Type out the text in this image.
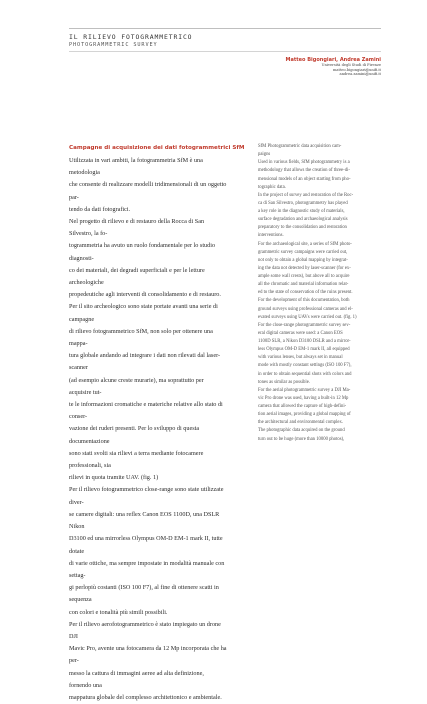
IL RILIEVO FOTOGRAMMETRICO
PHOTOGRAMMETRIC SURVEY
Matteo Bigongiari, Andrea Zamini
Università degli Studi di Firenze
matteo.bigongiari@unifi.it
andrea.zamini@unifi.it
Campagne di acquisizione dei dati fotogrammetrici SfM

Utilizzata in vari ambiti, la fotogrammetria SfM è una metodologia

che consente di realizzare modelli tridimensionali di un oggetto par-

tendo da dati fotografici.

Nel progetto di rilievo e di restauro della Rocca di San Silvestro, la fo-

togrammetria ha avuto un ruolo fondamentale per lo studio diagnosti-

co dei materiali, dei degradi superficiali e per le letture archeologiche

propedeutiche agli interventi di consolidamento e di restauro.

Per il sito archeologico sono state portate avanti una serie di campagne

di rilievo fotogrammetrico SfM, non solo per ottenere una mappa-

tura globale andando ad integrare i dati non rilevati dal laser-scanner

(ad esempio alcune creste murarie), ma soprattutto per acquisire tut-

te le informazioni cromatiche e materiche relative allo stato di conser-

vazione dei ruderi presenti. Per lo sviluppo di questa documentazione

sono stati svolti sia rilievi a terra mediante fotocamere professionali, sia

rilievi in quota tramite UAV. (fig. 1)

Per il rilievo fotogrammetrico close-range sono state utilizzate diver-

se camere digitali: una reflex Canon EOS 1100D, una DSLR Nikon

D3100 ed una mirrorless Olympus OM-D EM-1 mark II, tutte dotate

di varie ottiche, ma sempre impostate in modalità manuale con settag-

gi perlopiù costanti (ISO 100 F7), al fine di ottenere scatti in sequenza

con colori e tonalità più simili possibili.

Per il rilievo aerofotogrammetrico è stato impiegato un drone DJI

Mavic Pro, avente una fotocamera da 12 Mp incorporata che ha per-

messo la cattura di immagini aeree ad alta definizione, fornendo una

mappatura globale del complesso architettonico e ambientale.

SfM Photogrammetric data acquisition cam-

paigns

Used in various fields, SfM photogrammetry is a

methodology that allows the creation of three-di-

mensional models of an object starting from pho-

tographic data.

In the project of survey and restoration of the Roc-

ca di San Silvestro, photogrammetry has played

a key role in the diagnostic study of materials,

surface degradation and archaeological analysis

preparatory to the consolidation and restoration

interventions.

For the archaeological site, a series of SfM photo-

grammetric survey campaigns were carried out,

not only to obtain a global mapping by integrat-

ing the data not detected by laser-scanner (for ex-

ample some wall crests), but above all to acquire

all the chromatic and material information relat-

ed to the state of conservation of the ruins present.

For the development of this documentation, both

ground surveys using professional cameras and el-

evated surveys using UAVs were carried out. (fig. 1)

For the close-range photogrammetric survey sev-

eral digital cameras were used: a Canon EOS

1100D SLR, a Nikon D3100 DSLR and a mirror-

less Olympus OM-D EM-1 mark II, all equipped

with various lenses, but always set in manual

mode with mostly constant settings (ISO 100 F7),

in order to obtain sequential shots with colors and

tones as similar as possible.

For the aerial photogrammetric survey a DJI Ma-

vic Pro drone was used, having a built-in 12 Mp

camera that allowed the capture of high-defini-

tion aerial images, providing a global mapping of

the architectural and environmental complex.

The photographic data acquired on the ground

turn out to be huge (more than 10000 photos),
